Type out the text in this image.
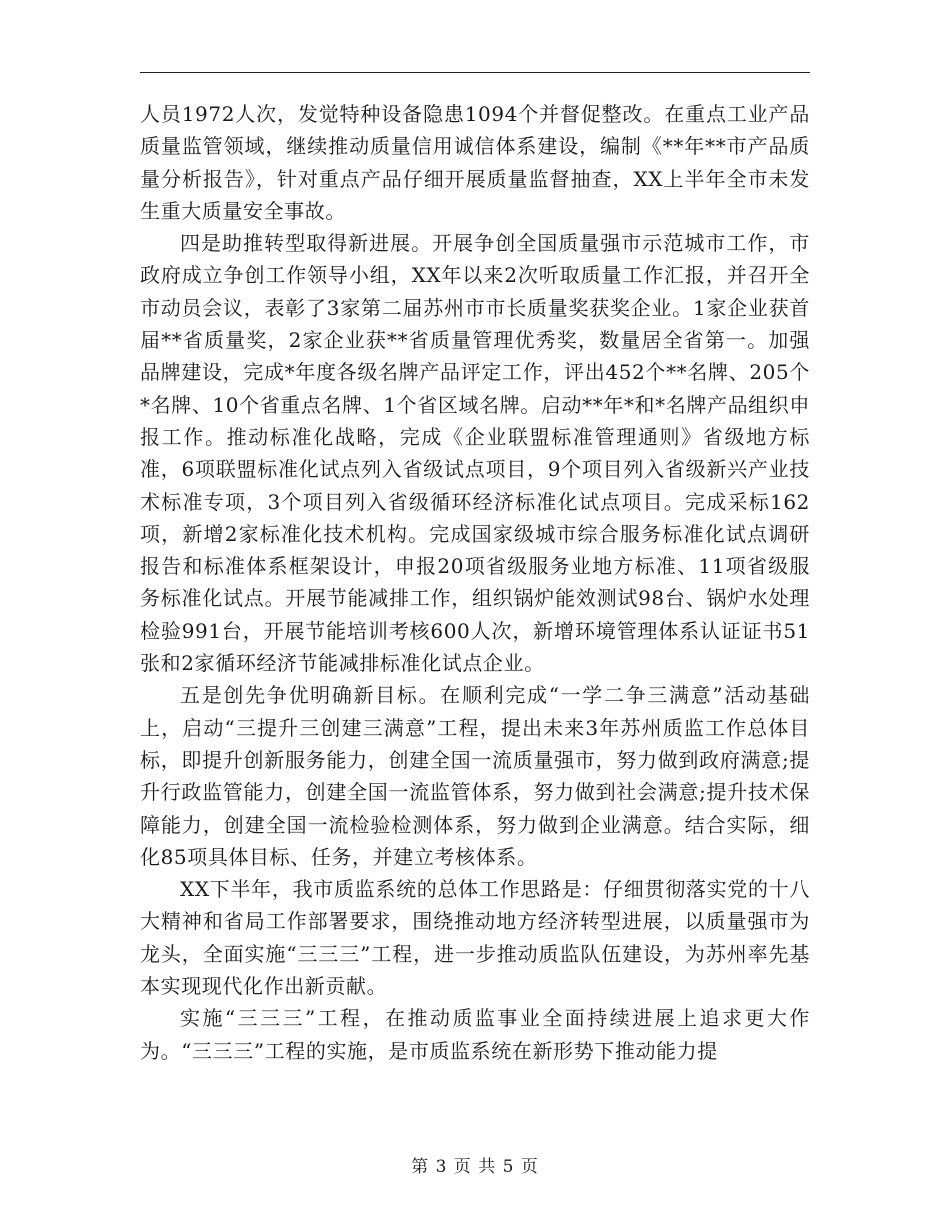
人员1972人次，发觉特种设备隐患1094个并督促整改。在重点工业产品质量监管领域，继续推动质量信用诚信体系建设，编制《**年**市产品质量分析报告》，针对重点产品仔细开展质量监督抽查，XX上半年全市未发生重大质量安全事故。

四是助推转型取得新进展。开展争创全国质量强市示范城市工作，市政府成立争创工作领导小组，XX年以来2次听取质量工作汇报，并召开全市动员会议，表彰了3家第二届苏州市市长质量奖获奖企业。1家企业获首届**省质量奖，2家企业获**省质量管理优秀奖，数量居全省第一。加强品牌建设，完成*年度各级名牌产品评定工作，评出452个**名牌、205个*名牌、10个省重点名牌、1个省区域名牌。启动**年*和*名牌产品组织申报工作。推动标准化战略，完成《企业联盟标准管理通则》省级地方标准，6项联盟标准化试点列入省级试点项目，9个项目列入省级新兴产业技术标准专项，3个项目列入省级循环经济标准化试点项目。完成采标162项，新增2家标准化技术机构。完成国家级城市综合服务标准化试点调研报告和标准体系框架设计，申报20项省级服务业地方标准、11项省级服务标准化试点。开展节能减排工作，组织锅炉能效测试98台、锅炉水处理检验991台，开展节能培训考核600人次，新增环境管理体系认证证书51张和2家循环经济节能减排标准化试点企业。

五是创先争优明确新目标。在顺利完成“一学二争三满意”活动基础上，启动“三提升三创建三满意”工程，提出未来3年苏州质监工作总体目标，即提升创新服务能力，创建全国一流质量强市，努力做到政府满意;提升行政监管能力，创建全国一流监管体系，努力做到社会满意;提升技术保障能力，创建全国一流检验检测体系，努力做到企业满意。结合实际，细化85项具体目标、任务，并建立考核体系。

XX下半年，我市质监系统的总体工作思路是：仔细贯彻落实党的十八大精神和省局工作部署要求，围绕推动地方经济转型进展，以质量强市为龙头，全面实施“三三三”工程，进一步推动质监队伍建设，为苏州率先基本实现现代化作出新贡献。

实施“三三三”工程，在推动质监事业全面持续进展上追求更大作为。“三三三”工程的实施，是市质监系统在新形势下推动能力提

第 3 页 共 5 页
